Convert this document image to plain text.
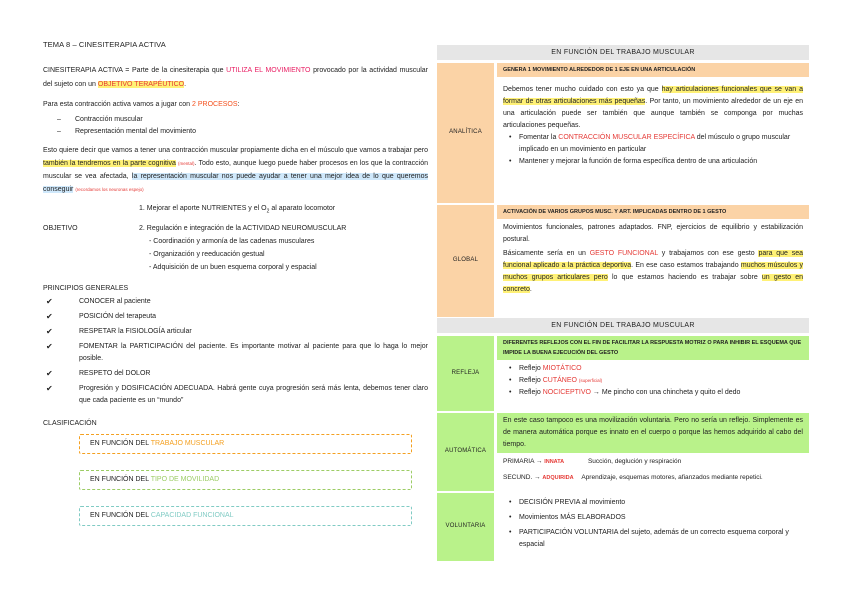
TEMA 8 – CINESITERAPIA ACTIVA

CINESITERAPIA ACTIVA = Parte de la cinesiterapia que UTILIZA EL MOVIMIENTO provocado por la actividad muscular del sujeto con un OBJETIVO TERAPÉUTICO.

Para esta contracción activa vamos a jugar con 2 PROCESOS:

– Contracción muscular
– Representación mental del movimiento

Esto quiere decir que vamos a tener una contracción muscular propiamente dicha en el músculo que vamos a trabajar pero también la tendremos en la parte cognitiva (mental). Todo esto, aunque luego puede haber procesos en los que la contracción muscular se vea afectada, la representación muscular nos puede ayudar a tener una mejor idea de lo que queremos conseguir (recordamos los neuronas espejo)

OBJETIVO
1. Mejorar el aporte NUTRIENTES y el $O_2$ al aparato locomotor
2. Regulación e integración de la ACTIVIDAD NEUROMUSCULAR
- Coordinación y armonía de las cadenas musculares
- Organización y reeducación gestual
- Adquisición de un buen esquema corporal y espacial
PRINCIPIOS GENERALES
✔	CONOCER al paciente
✔	POSICIÓN del terapeuta
✔	RESPETAR la FISIOLOGÍA articular
✔	FOMENTAR la PARTICIPACIÓN del paciente. Es importante motivar al paciente para que lo haga lo mejor posible.
✔	RESPETO del DOLOR
✔	Progresión y DOSIFICACIÓN ADECUADA. Habrá gente cuya progresión será más lenta, debemos tener claro que cada paciente es un “mundo”
CLASIFICACIÓN
EN FUNCIÓN DEL TRABAJO MUSCULAR
EN FUNCIÓN DEL TIPO DE MOVILIDAD
EN FUNCIÓN DEL CAPACIDAD FUNCIONAL
EN FUNCIÓN DEL TRABAJO MUSCULAR
ANALÍTICA
GENERA 1 MOVIMIENTO ALREDEDOR DE 1 EJE EN UNA ARTICULACIÓN
Debemos tener mucho cuidado con esto ya que hay articulaciones funcionales que se van a formar de otras articulaciones más pequeñas. Por tanto, un movimiento alrededor de un eje en una articulación puede ser también que aunque también se componga por muchas articulaciones pequeñas.
• Fomentar la CONTRACCIÓN MUSCULAR ESPECÍFICA del músculo o grupo muscular implicado en un movimiento en particular
• Mantener y mejorar la función de forma específica dentro de una articulación
GLOBAL
ACTIVACIÓN DE VARIOS GRUPOS MUSC. Y ART. IMPLICADAS DENTRO DE 1 GESTO
Movimientos funcionales, patrones adaptados. FNP, ejercicios de equilibrio y estabilización postural.
Básicamente sería en un GESTO FUNCIONAL y trabajamos con ese gesto para que sea funcional aplicado a la práctica deportiva. En ese caso estamos trabajando muchos músculos y muchos grupos articulares pero lo que estamos haciendo es trabajar sobre un gesto en concreto.
EN FUNCIÓN DEL TRABAJO MUSCULAR
REFLEJA
DIFERENTES REFLEJOS CON EL FIN DE FACILITAR LA RESPUESTA MOTRIZ O PARA INHIBIR EL ESQUEMA QUE IMPIDE LA BUENA EJECUCIÓN DEL GESTO
• Reflejo MIOTÁTICO
• Reflejo CUTÁNEO (superficial)
• Reflejo NOCICEPTIVO → Me pincho con una chincheta y quito el dedo
AUTOMÁTICA
En este caso tampoco es una movilización voluntaria. Pero no sería un reflejo. Simplemente es de manera automática porque es innato en el cuerpo o porque las hemos adquirido al cabo del tiempo.
PRIMARIA → INNATA	Succión, deglución y respiración
SECUND. → ADQUIRIDA Aprendizaje, esquemas motores, afianzados mediante repetici.
VOLUNTARIA
• DECISIÓN PREVIA al movimiento
• Movimientos MÁS ELABORADOS
• PARTICIPACIÓN VOLUNTARIA del sujeto, además de un correcto esquema corporal y espacial
